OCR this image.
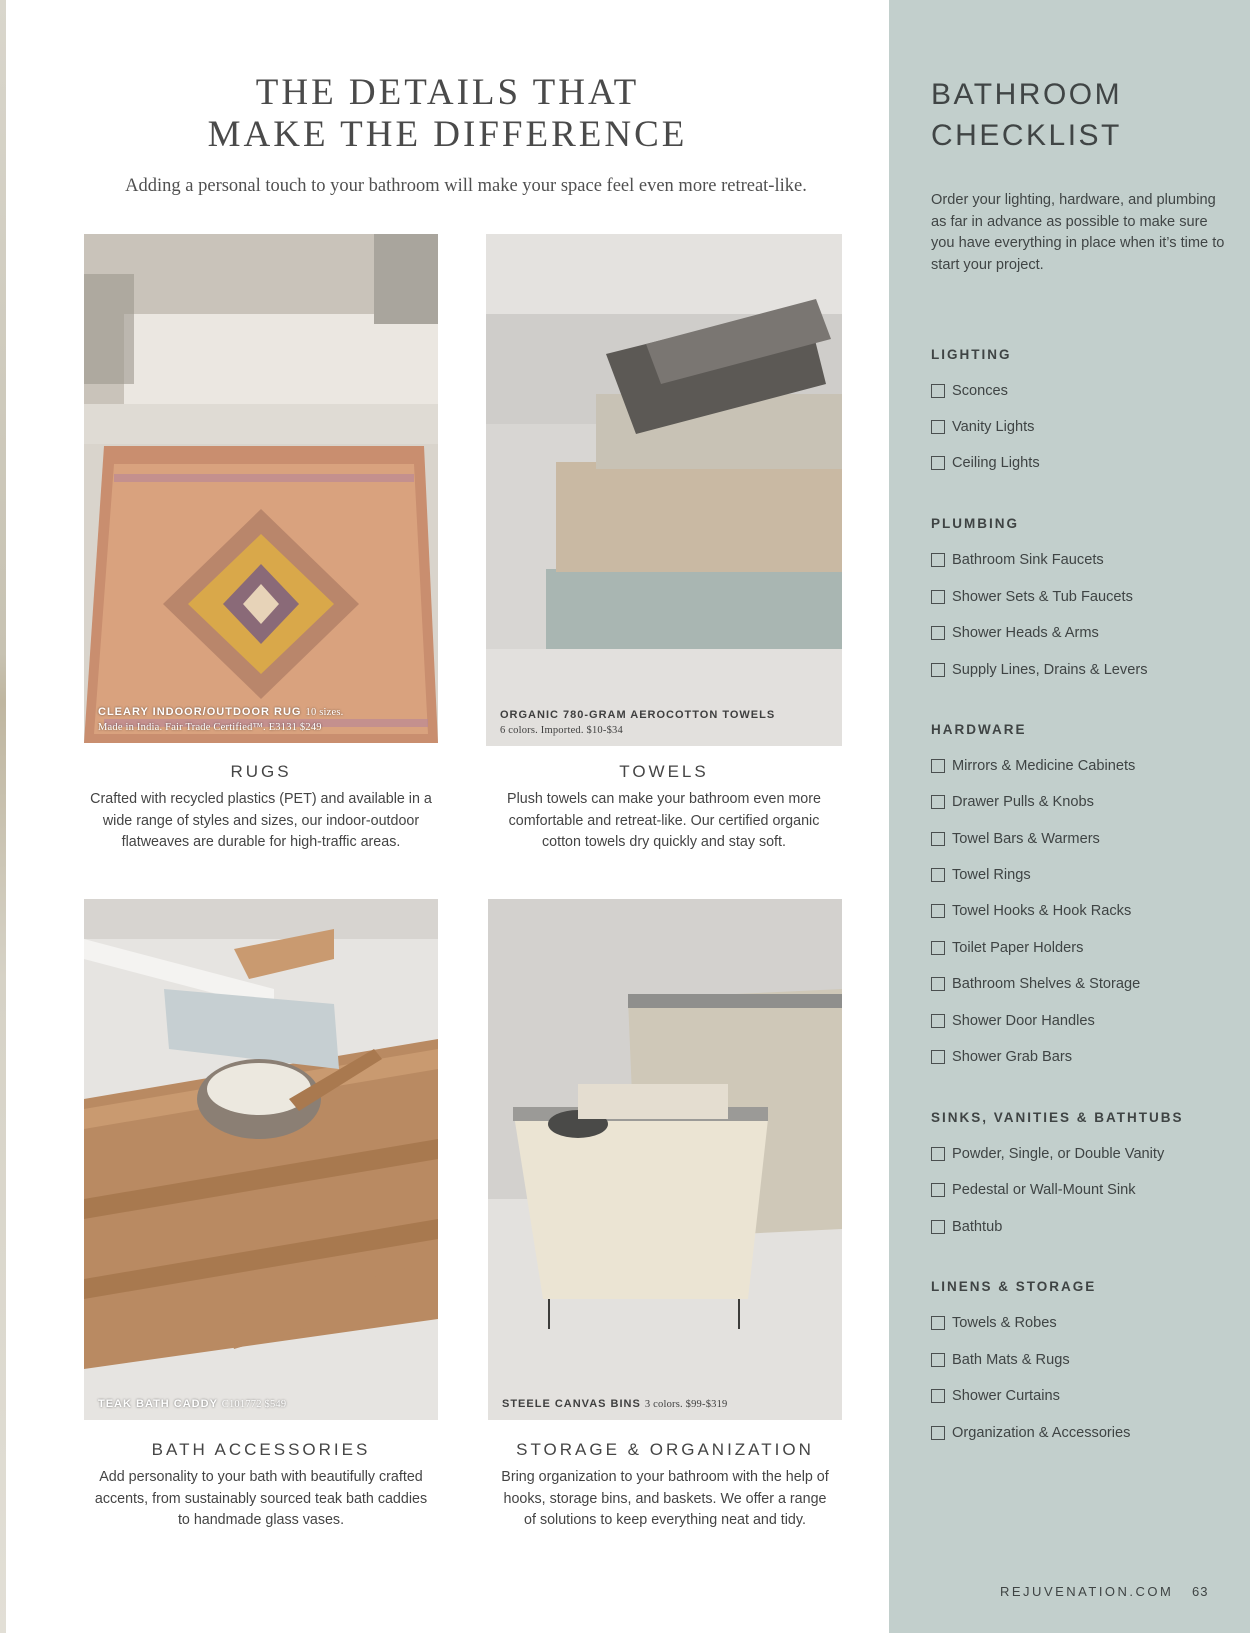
THE DETAILS THAT
MAKE THE DIFFERENCE

Adding a personal touch to your bathroom will make your space feel even more retreat-like.

CLEARY INDOOR/OUTDOOR RUG 10 sizes.
Made in India. Fair Trade Certified™. E3131 $249
RUGS
Crafted with recycled plastics (PET) and available in a wide range of styles and sizes, our indoor-outdoor flatweaves are durable for high-traffic areas.
ORGANIC 780-GRAM AEROCOTTON TOWELS
6 colors. Imported. $10-$34
TOWELS
Plush towels can make your bathroom even more comfortable and retreat-like. Our certified organic cotton towels dry quickly and stay soft.
TEAK BATH CADDY C101772 $549
BATH ACCESSORIES
Add personality to your bath with beautifully crafted accents, from sustainably sourced teak bath caddies to handmade glass vases.
STEELE CANVAS BINS 3 colors. $99-$319
STORAGE & ORGANIZATION
Bring organization to your bathroom with the help of hooks, storage bins, and baskets. We offer a range of solutions to keep everything neat and tidy.
BATHROOM
CHECKLIST

Order your lighting, hardware, and plumbing as far in advance as possible to make sure you have everything in place when it’s time to start your project.

LIGHTING
Sconces
Vanity Lights
Ceiling Lights
PLUMBING
Bathroom Sink Faucets
Shower Sets & Tub Faucets
Shower Heads & Arms
Supply Lines, Drains & Levers
HARDWARE
Mirrors & Medicine Cabinets
Drawer Pulls & Knobs
Towel Bars & Warmers
Towel Rings
Towel Hooks & Hook Racks
Toilet Paper Holders
Bathroom Shelves & Storage
Shower Door Handles
Shower Grab Bars
SINKS, VANITIES & BATHTUBS
Powder, Single, or Double Vanity
Pedestal or Wall-Mount Sink
Bathtub
LINENS & STORAGE
Towels & Robes
Bath Mats & Rugs
Shower Curtains
Organization & Accessories
REJUVENATION.COM 63
